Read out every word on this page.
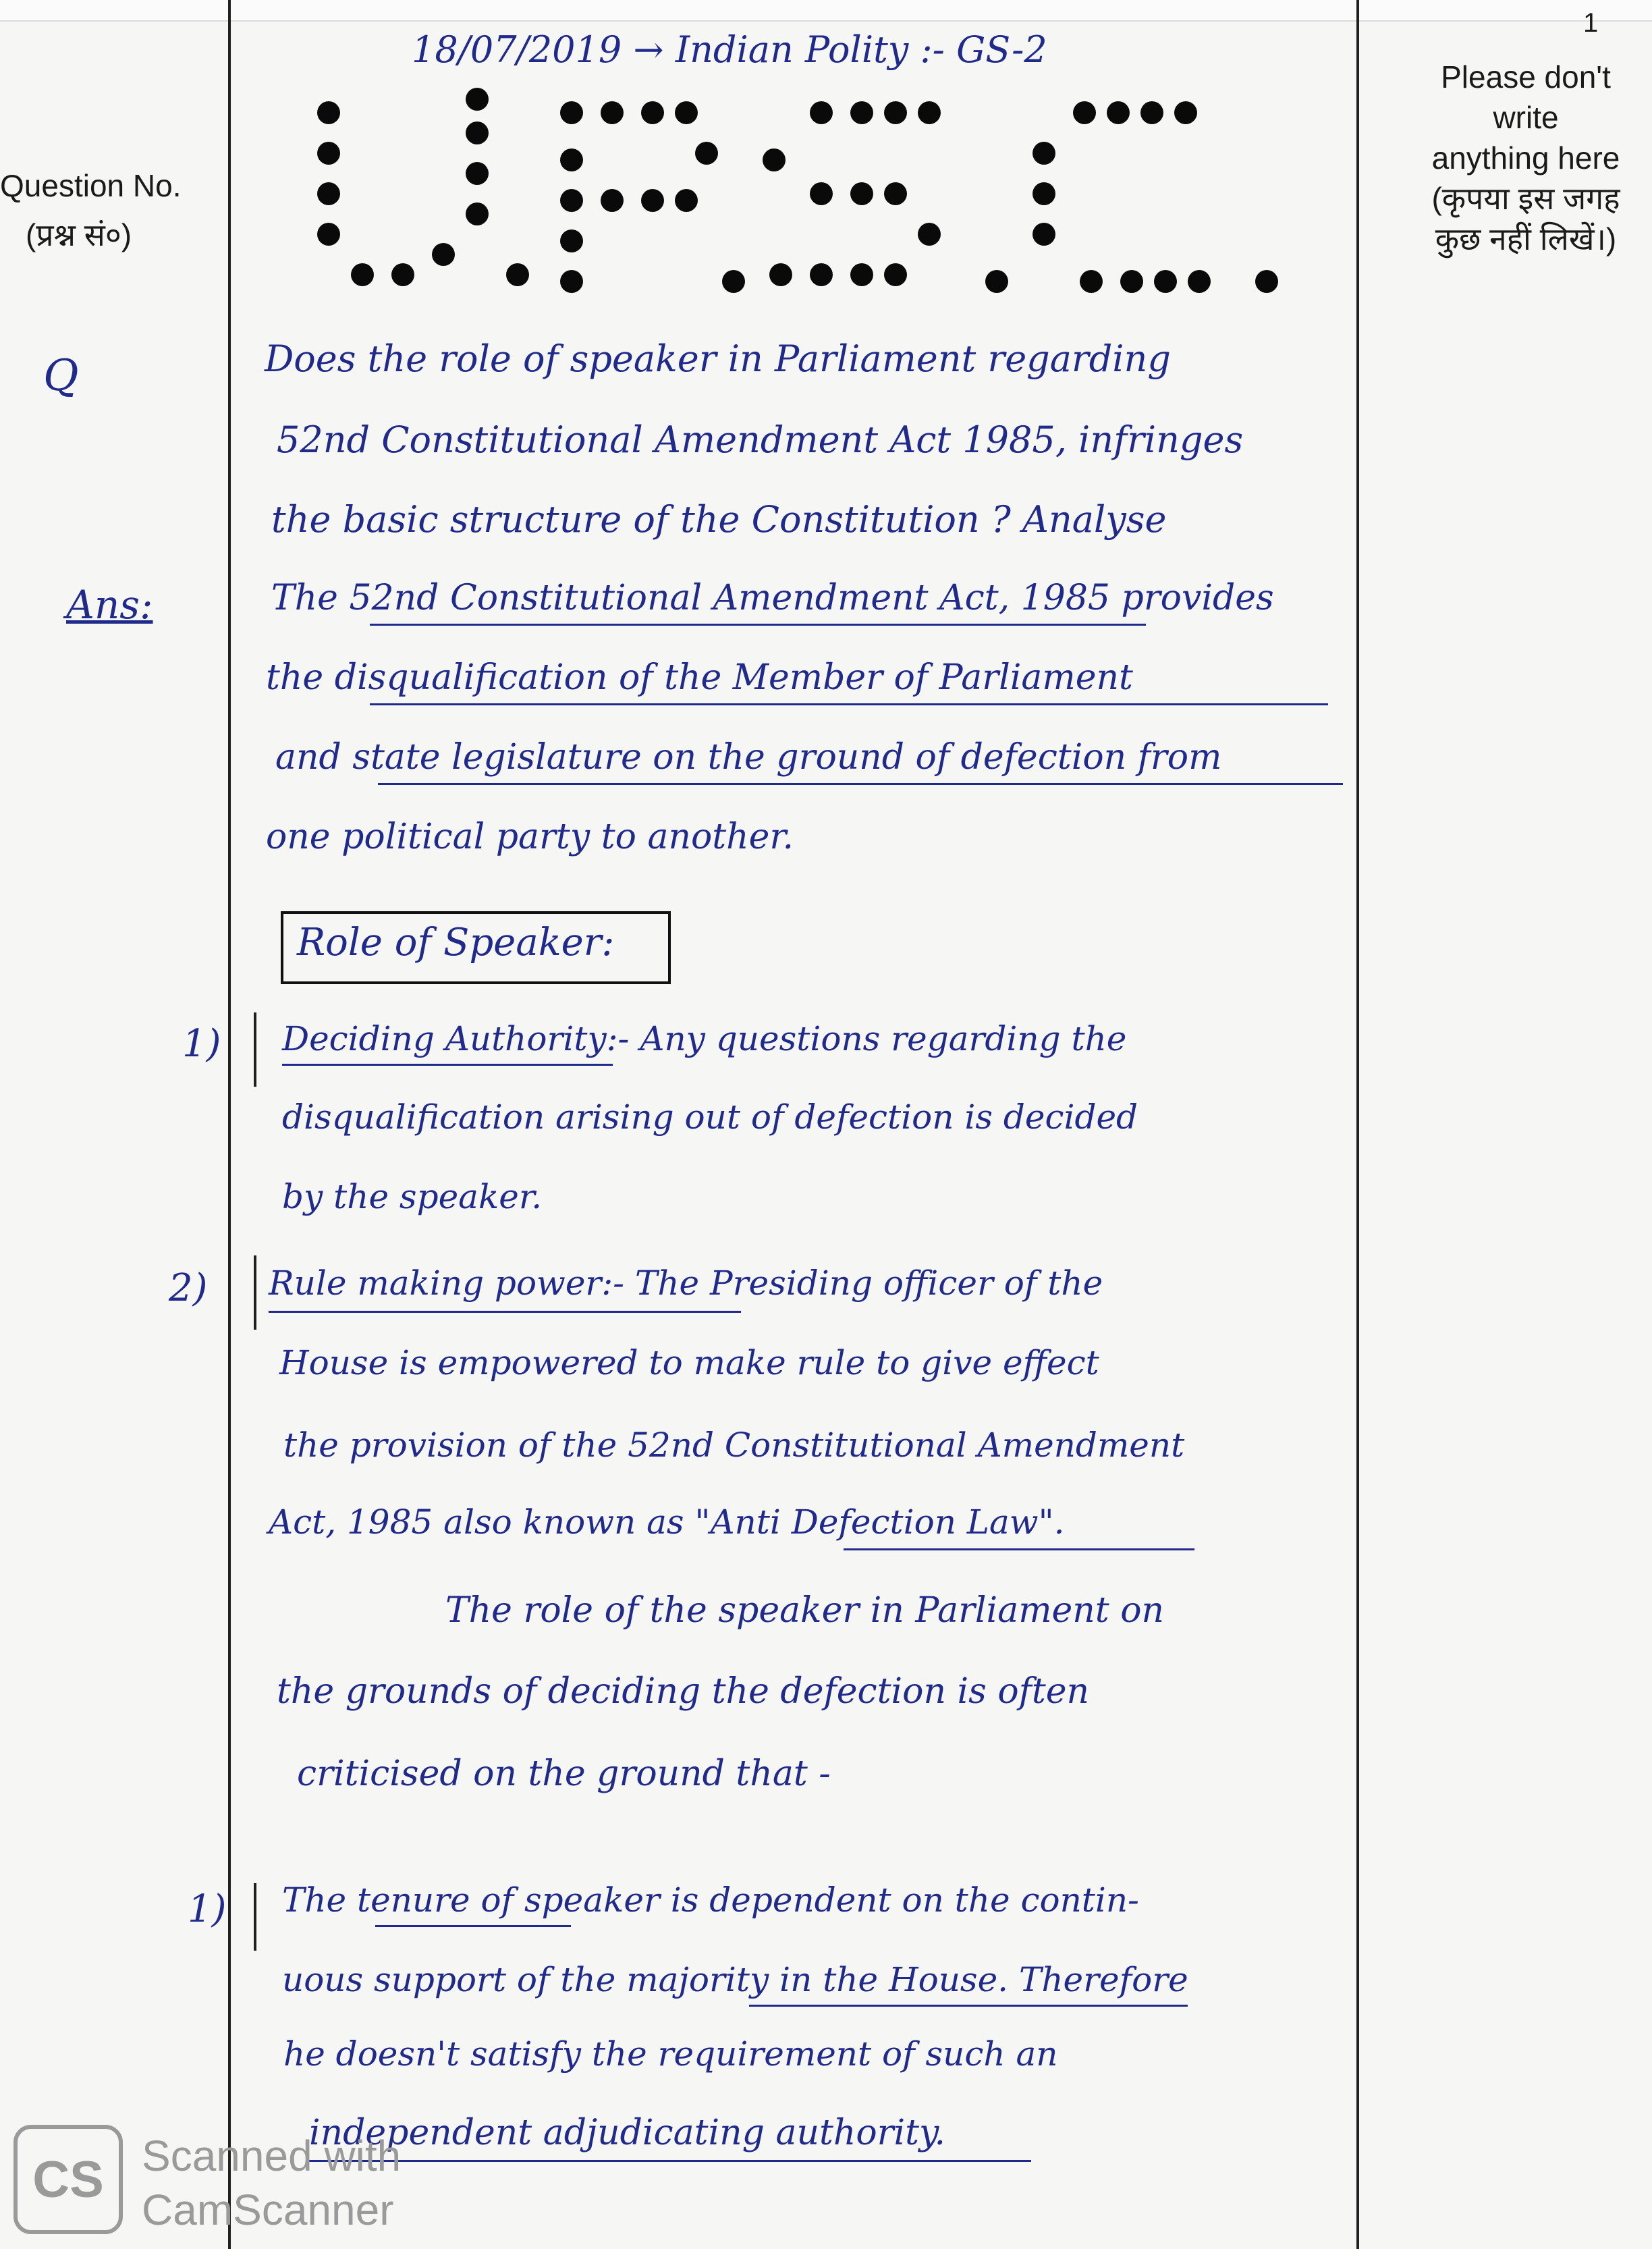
1
Question No.
(प्रश्न सं०)
Q
Ans:
Please don't write
anything here
(कृपया इस जगह
कुछ नहीं लिखें।)
18/07/2019 → Indian Polity :- GS-2
Does the role of speaker in Parliament regarding
52nd Constitutional Amendment Act 1985, infringes
the basic structure of the Constitution ? Analyse
The 52nd Constitutional Amendment Act, 1985 provides
the disqualification of the Member of Parliament
and state legislature on the ground of defection from
one political party to another.
Role of Speaker:
1) Deciding Authority:- Any questions regarding the
disqualification arising out of defection is decided
by the speaker.
2) Rule making power:- The Presiding officer of the
House is empowered to make rule to give effect
the provision of the 52nd Constitutional Amendment
Act, 1985 also known as "Anti Defection Law".
The role of the speaker in Parliament on
the grounds of deciding the defection is often
criticised on the ground that -
1) The tenure of speaker is dependent on the contin-
uous support of the majority in the House. Therefore
he doesn't satisfy the requirement of such an
independent adjudicating authority.
CS Scanned with
CamScanner
